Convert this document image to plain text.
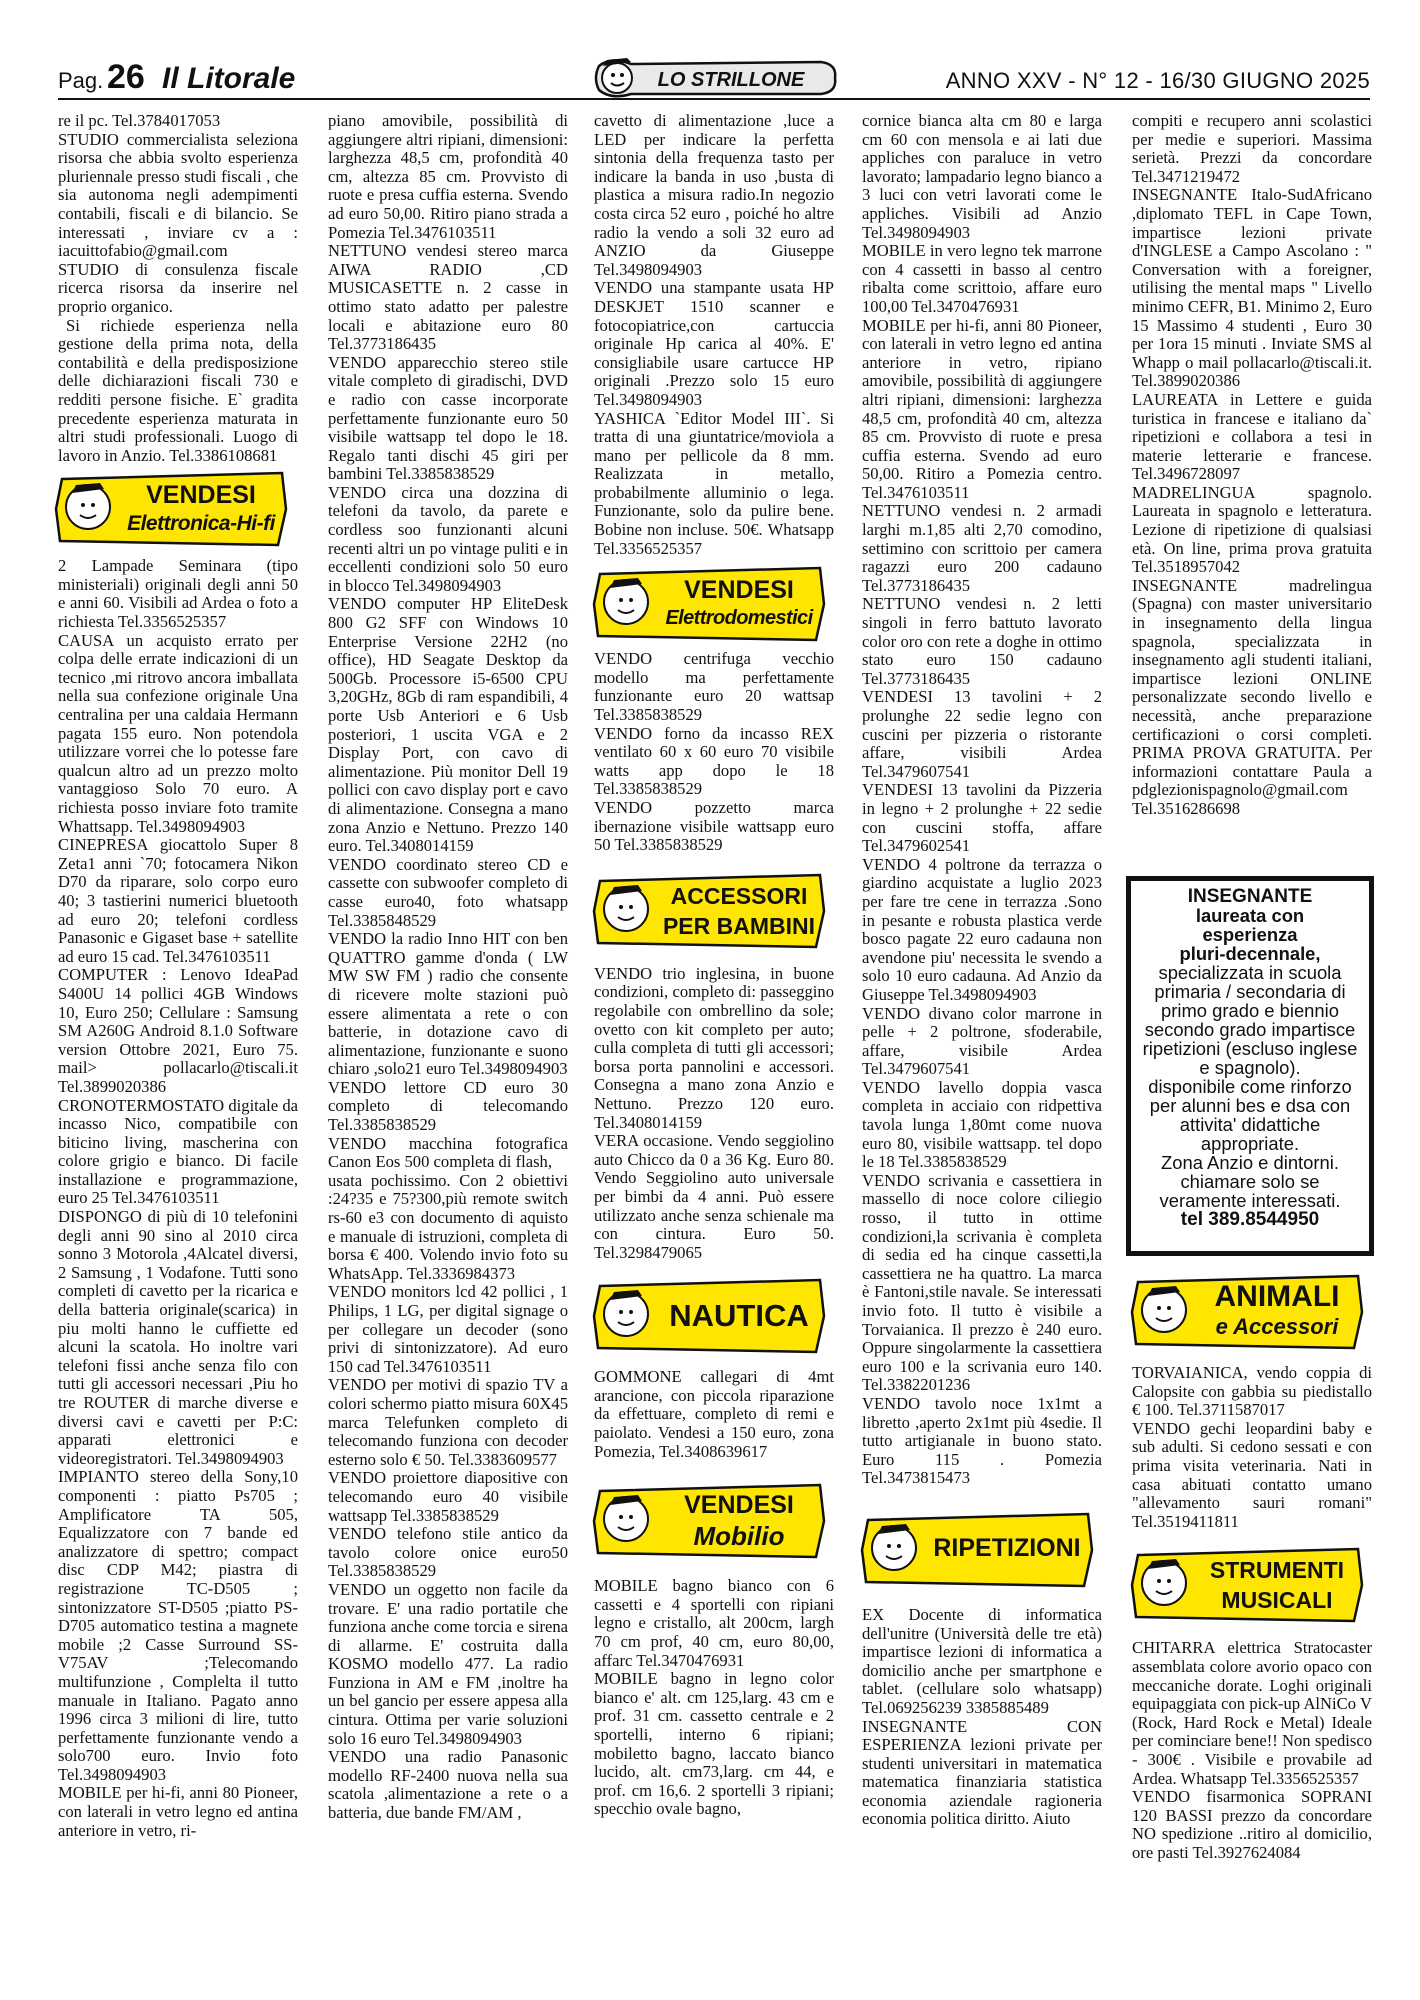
Pag. 26 Il Litorale	LO STRILLONE	ANNO XXV - N° 12 - 16/30 GIUGNO 2025

re il pc. Tel.3784017053

STUDIO commercialista seleziona risorsa che abbia svolto esperienza pluriennale presso studi fiscali , che sia autonoma negli adempimenti contabili, fiscali e di bilancio. Se interessati , inviare cv a : iacuittofabio@gmail.com

STUDIO di consulenza fiscale ricerca risorsa da inserire nel proprio organico.

Si richiede esperienza nella gestione della prima nota, della contabilità e della predisposizione delle dichiarazioni fiscali 730 e redditi persone fisiche. E` gradita precedente esperienza maturata in altri studi professionali. Luogo di lavoro in Anzio. Tel.3386108681

VENDESI
Elettronica-Hi-fi

2 Lampade Seminara (tipo ministeriali) originali degli anni 50 e anni 60. Visibili ad Ardea o foto a richiesta Tel.3356525357

CAUSA un acquisto errato per colpa delle errate indicazioni di un tecnico ,mi ritrovo ancora imballata nella sua confezione originale Una centralina per una caldaia Hermann pagata 155 euro. Non potendola utilizzare vorrei che lo potesse fare qualcun altro ad un prezzo molto vantaggioso Solo 70 euro. A richiesta posso inviare foto tramite Whattsapp. Tel.3498094903

CINEPRESA giocattolo Super 8 Zeta1 anni `70; fotocamera Nikon D70 da riparare, solo corpo euro 40; 3 tastierini numerici bluetooth ad euro 20; telefoni cordless Panasonic e Gigaset base + satellite ad euro 15 cad. Tel.3476103511

COMPUTER : Lenovo IdeaPad S400U 14 pollici 4GB Windows 10, Euro 250; Cellulare : Samsung SM A260G Android 8.1.0 Software version Ottobre 2021, Euro 75. mail> pollacarlo@tiscali.it Tel.3899020386

CRONOTERMOSTATO digitale da incasso Nico, compatibile con biticino living, mascherina con colore grigio e bianco. Di facile installazione e programmazione, euro 25 Tel.3476103511

DISPONGO di più di 10 telefonini degli anni 90 sino al 2010 circa sonno 3 Motorola ,4Alcatel diversi, 2 Samsung , 1 Vodafone. Tutti sono completi di cavetto per la ricarica e della batteria originale(scarica) in piu molti hanno le cuffiette ed alcuni la scatola. Ho inoltre vari telefoni fissi anche senza filo con tutti gli accessori necessari ,Piu ho tre ROUTER di marche diverse e diversi cavi e cavetti per P:C: apparati elettronici e videoregistratori. Tel.3498094903

IMPIANTO stereo della Sony,10 componenti : piatto Ps705 ; Amplificatore TA 505, Equalizzatore con 7 bande ed analizzatore di spettro; compact disc CDP M42; piastra di registrazione TC-D505 ; sintonizzatore ST-D505 ;piatto PS-D705 automatico testina a magnete mobile ;2 Casse Surround SS-V75AV ;Telecomando multifunzione , Complelta il tutto manuale in Italiano. Pagato anno 1996 circa 3 milioni di lire, tutto perfettamente funzionante vendo a solo700 euro. Invio foto Tel.3498094903

MOBILE per hi-fi, anni 80 Pioneer, con laterali in vetro legno ed antina anteriore in vetro, ri-

piano amovibile, possibilità di aggiungere altri ripiani, dimensioni: larghezza 48,5 cm, profondità 40 cm, altezza 85 cm. Provvisto di ruote e presa cuffia esterna. Svendo ad euro 50,00. Ritiro piano strada a Pomezia Tel.3476103511

NETTUNO vendesi stereo marca AIWA RADIO ,CD MUSICASETTE n. 2 casse in ottimo stato adatto per palestre locali e abitazione euro 80 Tel.3773186435

VENDO apparecchio stereo stile vitale completo di giradischi, DVD e radio con casse incorporate perfettamente funzionante euro 50 visibile wattsapp tel dopo le 18. Regalo tanti dischi 45 giri per bambini Tel.3385838529

VENDO circa una dozzina di telefoni da tavolo, da parete e cordless soo funzionanti alcuni recenti altri un po vintage puliti e in eccellenti condizioni solo 50 euro in blocco Tel.3498094903

VENDO computer HP EliteDesk 800 G2 SFF con Windows 10 Enterprise Versione 22H2 (no office), HD Seagate Desktop da 500Gb. Processore i5-6500 CPU 3,20GHz, 8Gb di ram espandibili, 4 porte Usb Anteriori e 6 Usb posteriori, 1 uscita VGA e 2 Display Port, con cavo di alimentazione. Più monitor Dell 19 pollici con cavo display port e cavo di alimentazione. Consegna a mano zona Anzio e Nettuno. Prezzo 140 euro. Tel.3408014159

VENDO coordinato stereo CD e cassette con subwoofer completo di casse euro40, foto whatsapp Tel.3385848529

VENDO la radio Inno HIT con ben QUATTRO gamme d'onda ( LW MW SW FM ) radio che consente di ricevere molte stazioni può essere alimentata a rete o con batterie, in dotazione cavo di alimentazione, funzionante e suono chiaro ,solo21 euro Tel.3498094903

VENDO lettore CD euro 30 completo di telecomando Tel.3385838529

VENDO macchina fotografica Canon Eos 500 completa di flash,

usata pochissimo. Con 2 obiettivi :24?35 e 75?300,più remote switch rs-60 e3 con documento di aquisto e manuale di istruzioni, completa di borsa € 400. Volendo invio foto su WhatsApp. Tel.3336984373

VENDO monitors lcd 42 pollici , 1 Philips, 1 LG, per digital signage o per collegare un decoder (sono privi di sintonizzatore). Ad euro 150 cad Tel.3476103511

VENDO per motivi di spazio TV a colori schermo piatto misura 60X45 marca Telefunken completo di telecomando funziona con decoder esterno solo € 50. Tel.3383609577

VENDO proiettore diapositive con telecomando euro 40 visibile wattsapp Tel.3385838529

VENDO telefono stile antico da tavolo colore onice euro50 Tel.3385838529

VENDO un oggetto non facile da trovare. E' una radio portatile che funziona anche come torcia e sirena di allarme. E' costruita dalla KOSMO modello 477. La radio Funziona in AM e FM ,inoltre ha un bel gancio per essere appesa alla cintura. Ottima per varie soluzioni solo 16 euro Tel.3498094903

VENDO una radio Panasonic modello RF-2400 nuova nella sua scatola ,alimentazione a rete o a batteria, due bande FM/AM ,

cavetto di alimentazione ,luce a LED per indicare la perfetta sintonia della frequenza tasto per indicare la banda in uso ,busta di plastica a misura radio.In negozio costa circa 52 euro , poiché ho altre radio la vendo a soli 32 euro ad ANZIO da Giuseppe Tel.3498094903

VENDO una stampante usata HP DESKJET 1510 scanner e fotocopiatrice,con cartuccia originale Hp carica al 40%. E' consigliabile usare cartucce HP originali .Prezzo solo 15 euro Tel.3498094903

YASHICA `Editor Model III`. Si tratta di una giuntatrice/moviola a mano per pellicole da 8 mm. Realizzata in metallo, probabilmente alluminio o lega. Funzionante, solo da pulire bene. Bobine non incluse. 50€. Whatsapp Tel.3356525357

VENDESI
Elettrodomestici

VENDO centrifuga vecchio modello ma perfettamente funzionante euro 20 wattsap Tel.3385838529

VENDO forno da incasso REX ventilato 60 x 60 euro 70 visibile watts app dopo le 18 Tel.3385838529

VENDO pozzetto marca ibernazione visibile wattsapp euro 50 Tel.3385838529

ACCESSORI
PER BAMBINI

VENDO trio inglesina, in buone condizioni, completo di: passeggino regolabile con ombrellino da sole; ovetto con kit completo per auto; culla completa di tutti gli accessori; borsa porta pannolini e accessori. Consegna a mano zona Anzio e Nettuno. Prezzo 120 euro. Tel.3408014159

VERA occasione. Vendo seggiolino auto Chicco da 0 a 36 Kg. Euro 80. Vendo Seggiolino auto universale per bimbi da 4 anni. Può essere utilizzato anche senza schienale ma con cintura. Euro 50. Tel.3298479065

NAUTICA

GOMMONE callegari di 4mt arancione, con piccola riparazione da effettuare, completo di remi e paiolato. Vendesi a 150 euro, zona Pomezia, Tel.3408639617

VENDESI
Mobilio

MOBILE bagno bianco con 6 cassetti e 4 sportelli con ripiani legno e cristallo, alt 200cm, largh 70 cm prof, 40 cm, euro 80,00, affarc Tel.3470476931

MOBILE bagno in legno color bianco e' alt. cm 125,larg. 43 cm e prof. 31 cm. cassetto centrale e 2 sportelli, interno 6 ripiani; mobiletto bagno, laccato bianco lucido, alt. cm73,larg. cm 44, e prof. cm 16,6. 2 sportelli 3 ripiani; specchio ovale bagno,

cornice bianca alta cm 80 e larga cm 60 con mensola e ai lati due appliches con paraluce in vetro lavorato; lampadario legno bianco a 3 luci con vetri lavorati come le appliches. Visibili ad Anzio Tel.3498094903

MOBILE in vero legno tek marrone con 4 cassetti in basso al centro ribalta come scrittoio, affare euro 100,00 Tel.3470476931

MOBILE per hi-fi, anni 80 Pioneer, con laterali in vetro legno ed antina anteriore in vetro, ripiano amovibile, possibilità di aggiungere altri ripiani, dimensioni: larghezza 48,5 cm, profondità 40 cm, altezza 85 cm. Provvisto di ruote e presa cuffia esterna. Svendo ad euro 50,00. Ritiro a Pomezia centro. Tel.3476103511

NETTUNO vendesi n. 2 armadi larghi m.1,85 alti 2,70 comodino, settimino con scrittoio per camera ragazzi euro 200 cadauno Tel.3773186435

NETTUNO vendesi n. 2 letti singoli in ferro battuto lavorato color oro con rete a doghe in ottimo stato euro 150 cadauno Tel.3773186435

VENDESI 13 tavolini + 2 prolunghe 22 sedie legno con cuscini per pizzeria o ristorante affare, visibili Ardea Tel.3479607541

VENDESI 13 tavolini da Pizzeria in legno + 2 prolunghe + 22 sedie con cuscini stoffa, affare Tel.3479602541

VENDO 4 poltrone da terrazza o giardino acquistate a luglio 2023 per fare tre cene in terrazza .Sono in pesante e robusta plastica verde bosco pagate 22 euro cadauna non avendone piu' necessita le svendo a solo 10 euro cadauna. Ad Anzio da Giuseppe Tel.3498094903

VENDO divano color marrone in pelle + 2 poltrone, sfoderabile, affare, visibile Ardea Tel.3479607541

VENDO lavello doppia vasca completa in acciaio con ridpettiva tavola lunga 1,80mt come nuova euro 80, visibile wattsapp. tel dopo le 18 Tel.3385838529

VENDO scrivania e cassettiera in massello di noce colore ciliegio rosso, il tutto in ottime condizioni,la scrivania è completa di sedia ed ha cinque cassetti,la cassettiera ne ha quattro. La marca è Fantoni,stile navale. Se interessati invio foto. Il tutto è visibile a Torvaianica. Il prezzo è 240 euro. Oppure singolarmente la cassettiera euro 100 e la scrivania euro 140. Tel.3382201236

VENDO tavolo noce 1x1mt a libretto ,aperto 2x1mt più 4sedie. Il tutto artigianale in buono stato. Euro 115 . Pomezia Tel.3473815473

RIPETIZIONI

EX Docente di informatica dell'unitre (Università delle tre età) impartisce lezioni di informatica a domicilio anche per smartphone e tablet. (cellulare solo whatsapp) Tel.069256239 3385885489

INSEGNANTE CON ESPERIENZA lezioni private per studenti universitari in matematica matematica finanziaria statistica economia aziendale ragioneria economia politica diritto. Aiuto

compiti e recupero anni scolastici per medie e superiori. Massima serietà. Prezzi da concordare Tel.3471219472

INSEGNANTE Italo-SudAfricano ,diplomato TEFL in Cape Town, impartisce lezioni private d'INGLESE a Campo Ascolano : " Conversation with a foreigner, utilising the mental maps " Livello minimo CEFR, B1. Minimo 2, Euro 15 Massimo 4 studenti , Euro 30 per 1ora 15 minuti . Inviate SMS al Whapp o mail pollacarlo@tiscali.it. Tel.3899020386

LAUREATA in Lettere e guida turistica in francese e italiano da` ripetizioni e collabora a tesi in materie letterarie e francese. Tel.3496728097

MADRELINGUA spagnolo. Laureata in spagnolo e letteratura. Lezione di ripetizione di qualsiasi età. On line, prima prova gratuita Tel.3518957042

INSEGNANTE madrelingua (Spagna) con master universitario in insegnamento della lingua spagnola, specializzata in insegnamento agli studenti italiani, impartisce lezioni ONLINE personalizzate secondo livello e necessità, anche preparazione certificazioni o corsi completi. PRIMA PROVA GRATUITA. Per informazioni contattare Paula a pdglezionispagnolo@gmail.com Tel.3516286698

INSEGNANTE
laureata con
esperienza
pluri-decennale,
specializzata in scuola primaria / secondaria di primo grado e biennio secondo grado impartisce ripetizioni (escluso inglese e spagnolo).
disponibile come rinforzo per alunni bes e dsa con attivita' didattiche appropriate.
Zona Anzio e dintorni. chiamare solo se veramente interessati.
tel 389.8544950
ANIMALI
e Accessori

TORVAIANICA, vendo coppia di Calopsite con gabbia su piedistallo € 100. Tel.3711587017

VENDO gechi leopardini baby e sub adulti. Si cedono sessati e con prima visita veterinaria. Nati in casa abituati contatto umano "allevamento sauri romani" Tel.3519411811

STRUMENTI
MUSICALI

CHITARRA elettrica Stratocaster assemblata colore avorio opaco con meccaniche dorate. Loghi originali equipaggiata con pick-up AlNiCo V (Rock, Hard Rock e Metal) Ideale per cominciare bene!! Non spedisco - 300€ . Visibile e provabile ad Ardea. Whatsapp Tel.3356525357

VENDO fisarmonica SOPRANI 120 BASSI prezzo da concordare NO spedizione ..ritiro al domicilio, ore pasti Tel.3927624084
